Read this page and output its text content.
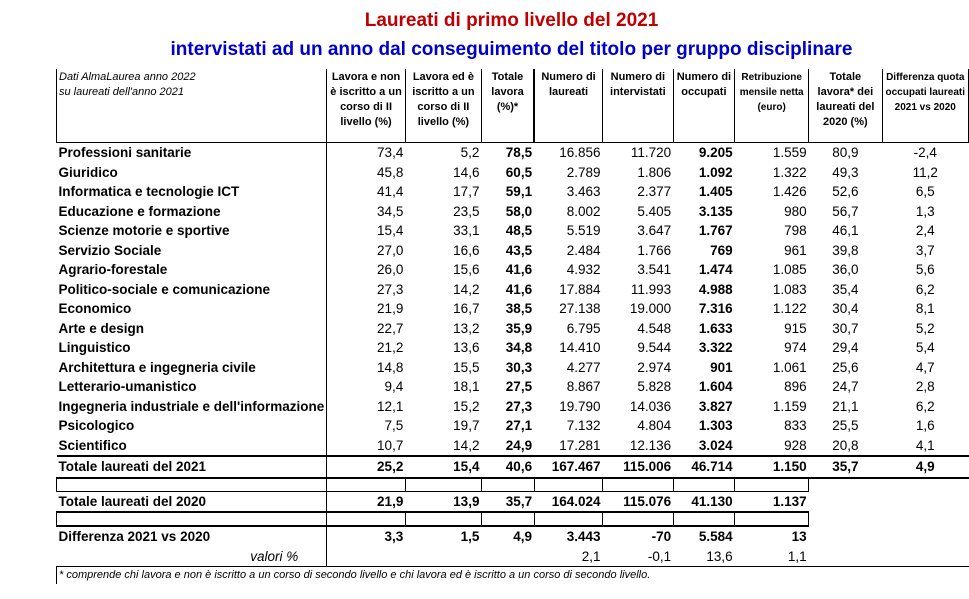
Laureati di primo livello del 2021
intervistati ad un anno dal conseguimento del titolo per gruppo disciplinare
Dati AlmaLaurea anno 2022
su laureati dell'anno 2021	Lavora e non è iscritto a un corso di II livello (%)	Lavora ed è iscritto a un corso di II livello (%)	Totale lavora (%)*	Numero di laureati	Numero di intervistati	Numero di occupati	Retribuzione mensile netta (euro)	Totale lavora* dei laureati del 2020 (%)	Differenza quota occupati laureati 2021 vs 2020
Professioni sanitarie	73,4	5,2	78,5	16.856	11.720	9.205	1.559	80,9	-2,4
Giuridico	45,8	14,6	60,5	2.789	1.806	1.092	1.322	49,3	11,2
Informatica e tecnologie ICT	41,4	17,7	59,1	3.463	2.377	1.405	1.426	52,6	6,5
Educazione e formazione	34,5	23,5	58,0	8.002	5.405	3.135	980	56,7	1,3
Scienze motorie e sportive	15,4	33,1	48,5	5.519	3.647	1.767	798	46,1	2,4
Servizio Sociale	27,0	16,6	43,5	2.484	1.766	769	961	39,8	3,7
Agrario-forestale	26,0	15,6	41,6	4.932	3.541	1.474	1.085	36,0	5,6
Politico-sociale e comunicazione	27,3	14,2	41,6	17.884	11.993	4.988	1.083	35,4	6,2
Economico	21,9	16,7	38,5	27.138	19.000	7.316	1.122	30,4	8,1
Arte e design	22,7	13,2	35,9	6.795	4.548	1.633	915	30,7	5,2
Linguistico	21,2	13,6	34,8	14.410	9.544	3.322	974	29,4	5,4
Architettura e ingegneria civile	14,8	15,5	30,3	4.277	2.974	901	1.061	25,6	4,7
Letterario-umanistico	9,4	18,1	27,5	8.867	5.828	1.604	896	24,7	2,8
Ingegneria industriale e dell'informazione	12,1	15,2	27,3	19.790	14.036	3.827	1.159	21,1	6,2
Psicologico	7,5	19,7	27,1	7.132	4.804	1.303	833	25,5	1,6
Scientifico	10,7	14,2	24,9	17.281	12.136	3.024	928	20,8	4,1
Totale laureati del 2021	25,2	15,4	40,6	167.467	115.006	46.714	1.150	35,7	4,9

Totale laureati del 2020	21,9	13,9	35,7	164.024	115.076	41.130	1.137		

Differenza 2021 vs 2020	3,3	1,5	4,9	3.443	-70	5.584	13		
valori %				2,1	-0,1	13,6	1,1		
* comprende chi lavora e non è iscritto a un corso di secondo livello e chi lavora ed è iscritto a un corso di secondo livello.									
